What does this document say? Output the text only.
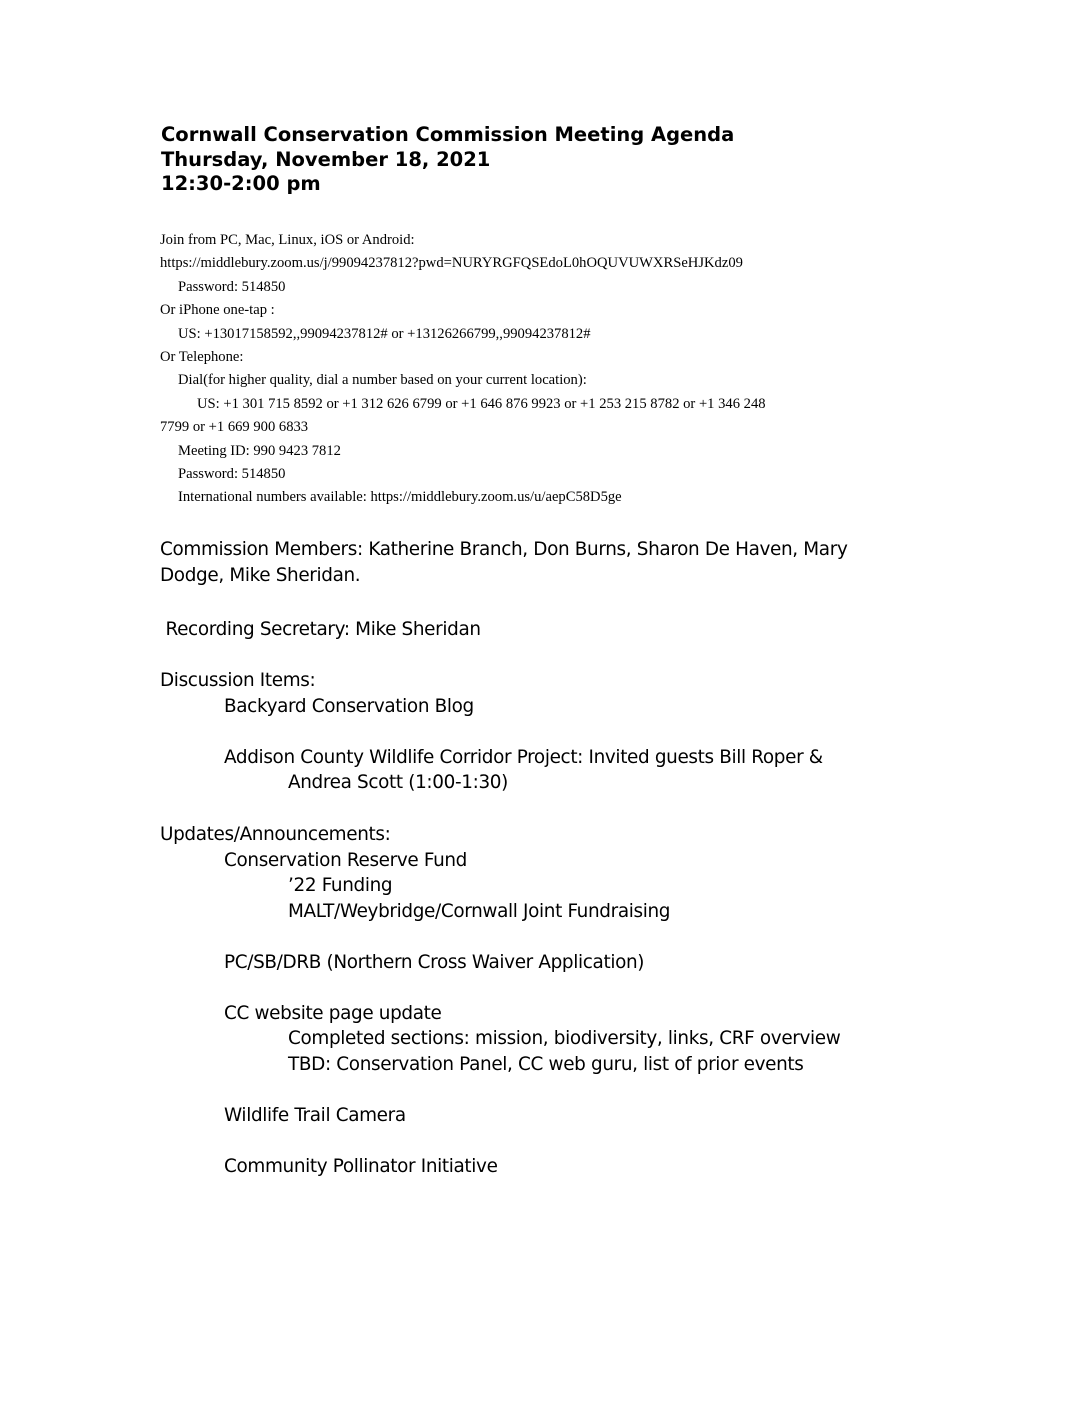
Cornwall Conservation Commission Meeting Agenda
Thursday, November 18, 2021
12:30-2:00 pm
Join from PC, Mac, Linux, iOS or Android:
https://middlebury.zoom.us/j/99094237812?pwd=NURYRGFQSEdoL0hOQUVUWXRSeHJKdz09
Password: 514850
Or iPhone one-tap :
US: +13017158592,,99094237812# or +13126266799,,99094237812#
Or Telephone:
Dial(for higher quality, dial a number based on your current location):
US: +1 301 715 8592 or +1 312 626 6799 or +1 646 876 9923 or +1 253 215 8782 or +1 346 248
7799 or +1 669 900 6833
Meeting ID: 990 9423 7812
Password: 514850
International numbers available: https://middlebury.zoom.us/u/aepC58D5ge
Commission Members: Katherine Branch, Don Burns, Sharon De Haven, Mary
Dodge, Mike Sheridan.
Recording Secretary: Mike Sheridan
Discussion Items:
Backyard Conservation Blog
Addison County Wildlife Corridor Project: Invited guests Bill Roper &
Andrea Scott (1:00-1:30)
Updates/Announcements:
Conservation Reserve Fund
’22 Funding
MALT/Weybridge/Cornwall Joint Fundraising
PC/SB/DRB (Northern Cross Waiver Application)
CC website page update
Completed sections: mission, biodiversity, links, CRF overview
TBD: Conservation Panel, CC web guru, list of prior events
Wildlife Trail Camera
Community Pollinator Initiative
